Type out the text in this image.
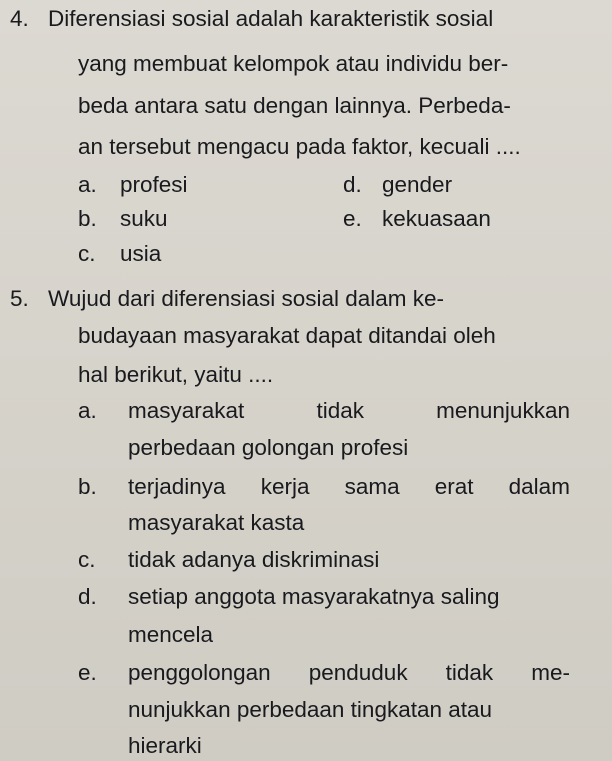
4. Diferensiasi sosial adalah karakteristik sosial
yang membuat kelompok atau individu ber-
beda antara satu dengan lainnya. Perbeda-
an tersebut mengacu pada faktor, kecuali ....
a. profesi	d. gender
b. suku	e. kekuasaan
c. usia
5. Wujud dari diferensiasi sosial dalam ke-
budayaan masyarakat dapat ditandai oleh
hal berikut, yaitu ....
a. masyarakat	tidak	menunjukkan
perbedaan golongan profesi
b. terjadinya kerja sama erat dalam
masyarakat kasta
c. tidak adanya diskriminasi
d. setiap anggota masyarakatnya saling
mencela
e. penggolongan penduduk tidak me-
nunjukkan perbedaan tingkatan atau
hierarki
